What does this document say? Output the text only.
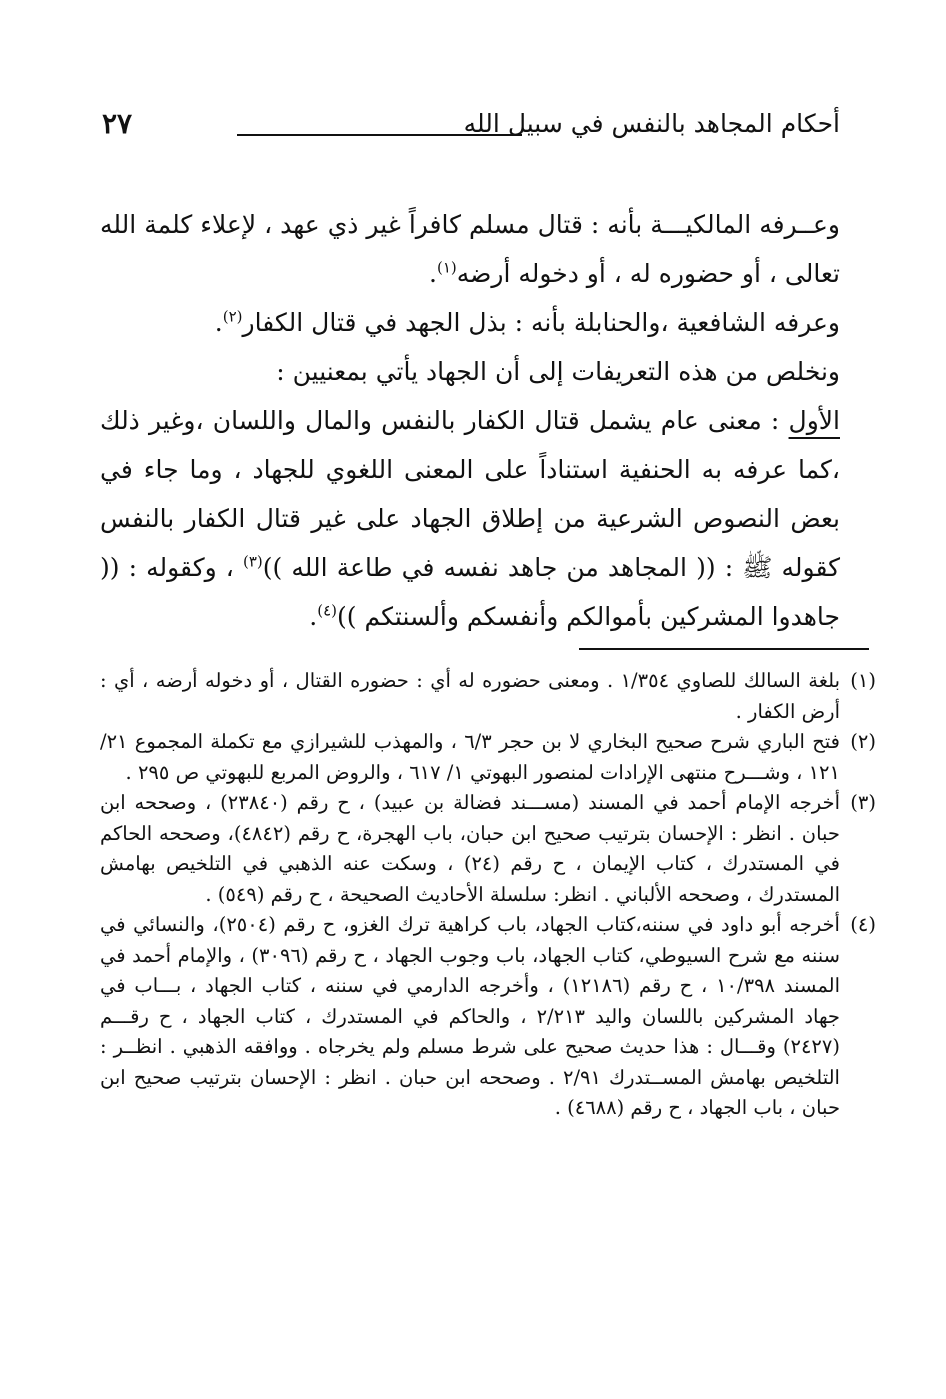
أحكام المجاهد بالنفس في سبيل الله
٢٧

وعــرفه المالكيـــة بأنه : قتال مسلم كافراً غير ذي عهد ، لإعلاء كلمة الله تعالى ، أو حضوره له ، أو دخوله أرضه$^{(١)}$.

وعرفه الشافعية ،والحنابلة بأنه : بذل الجهد في قتال الكفار$^{(٢)}$.

ونخلص من هذه التعريفات إلى أن الجهاد يأتي بمعنيين :

الأول : معنى عام يشمل قتال الكفار بالنفس والمال واللسان ،وغير ذلك ،كما عرفه به الحنفية استناداً على المعنى اللغوي للجهاد ، وما جاء في بعض النصوص الشرعية من إطلاق الجهاد على غير قتال الكفار بالنفس كقوله ﷺ : (( المجاهد من جاهد نفسه في طاعة الله ))$^{(٣)}$ ، وكقوله : (( جاهدوا المشركين بأموالكم وأنفسكم وألسنتكم ))$^{(٤)}$.

(١)
بلغة السالك للصاوي ١/٣٥٤ . ومعنى حضوره له أي : حضوره القتال ، أو دخوله أرضه ، أي : أرض الكفار .
(٢)
فتح الباري شرح صحيح البخاري لا بن حجر ٦/٣ ، والمهذب للشيرازي مع تكملة المجموع ٢١/ ١٢١ ، وشـــرح منتهى الإرادات لمنصور البهوتي ١/ ٦١٧ ، والروض المربع للبهوتي ص ٢٩٥ .
(٣)
أخرجه الإمام أحمد في المسند (مســـند فضالة بن عبيد) ، ح رقم (٢٣٨٤٠) ، وصححه ابن حبان . انظر : الإحسان بترتيب صحيح ابن حبان، باب الهجرة، ح رقم (٤٨٤٢)، وصححه الحاكم في المستدرك ، كتاب الإيمان ، ح رقم (٢٤) ، وسكت عنه الذهبي في التلخيص بهامش المستدرك ، وصححه الألباني . انظر: سلسلة الأحاديث الصحيحة ، ح رقم (٥٤٩) .
(٤)
أخرجه أبو داود في سننه،كتاب الجهاد، باب كراهية ترك الغزو، ح رقم (٢٥٠٤)، والنسائي في سننه مع شرح السيوطي، كتاب الجهاد، باب وجوب الجهاد ، ح رقم (٣٠٩٦) ، والإمام أحمد في المسند ١٠/٣٩٨ ، ح رقم (١٢١٨٦) ، وأخرجه الدارمي في سننه ، كتاب الجهاد ، بـــاب في جهاد المشركين باللسان واليد ٢/٢١٣ ، والحاكم في المستدرك ، كتاب الجهاد ، ح رقـــم (٢٤٢٧) وقـــال : هذا حديث صحيح على شرط مسلم ولم يخرجاه . ووافقه الذهبي . انظــر : التلخيص بهامش المســتدرك ٢/٩١ . وصححه ابن حبان . انظر : الإحسان بترتيب صحيح ابن حبان ، باب الجهاد ، ح رقم (٤٦٨٨) .
